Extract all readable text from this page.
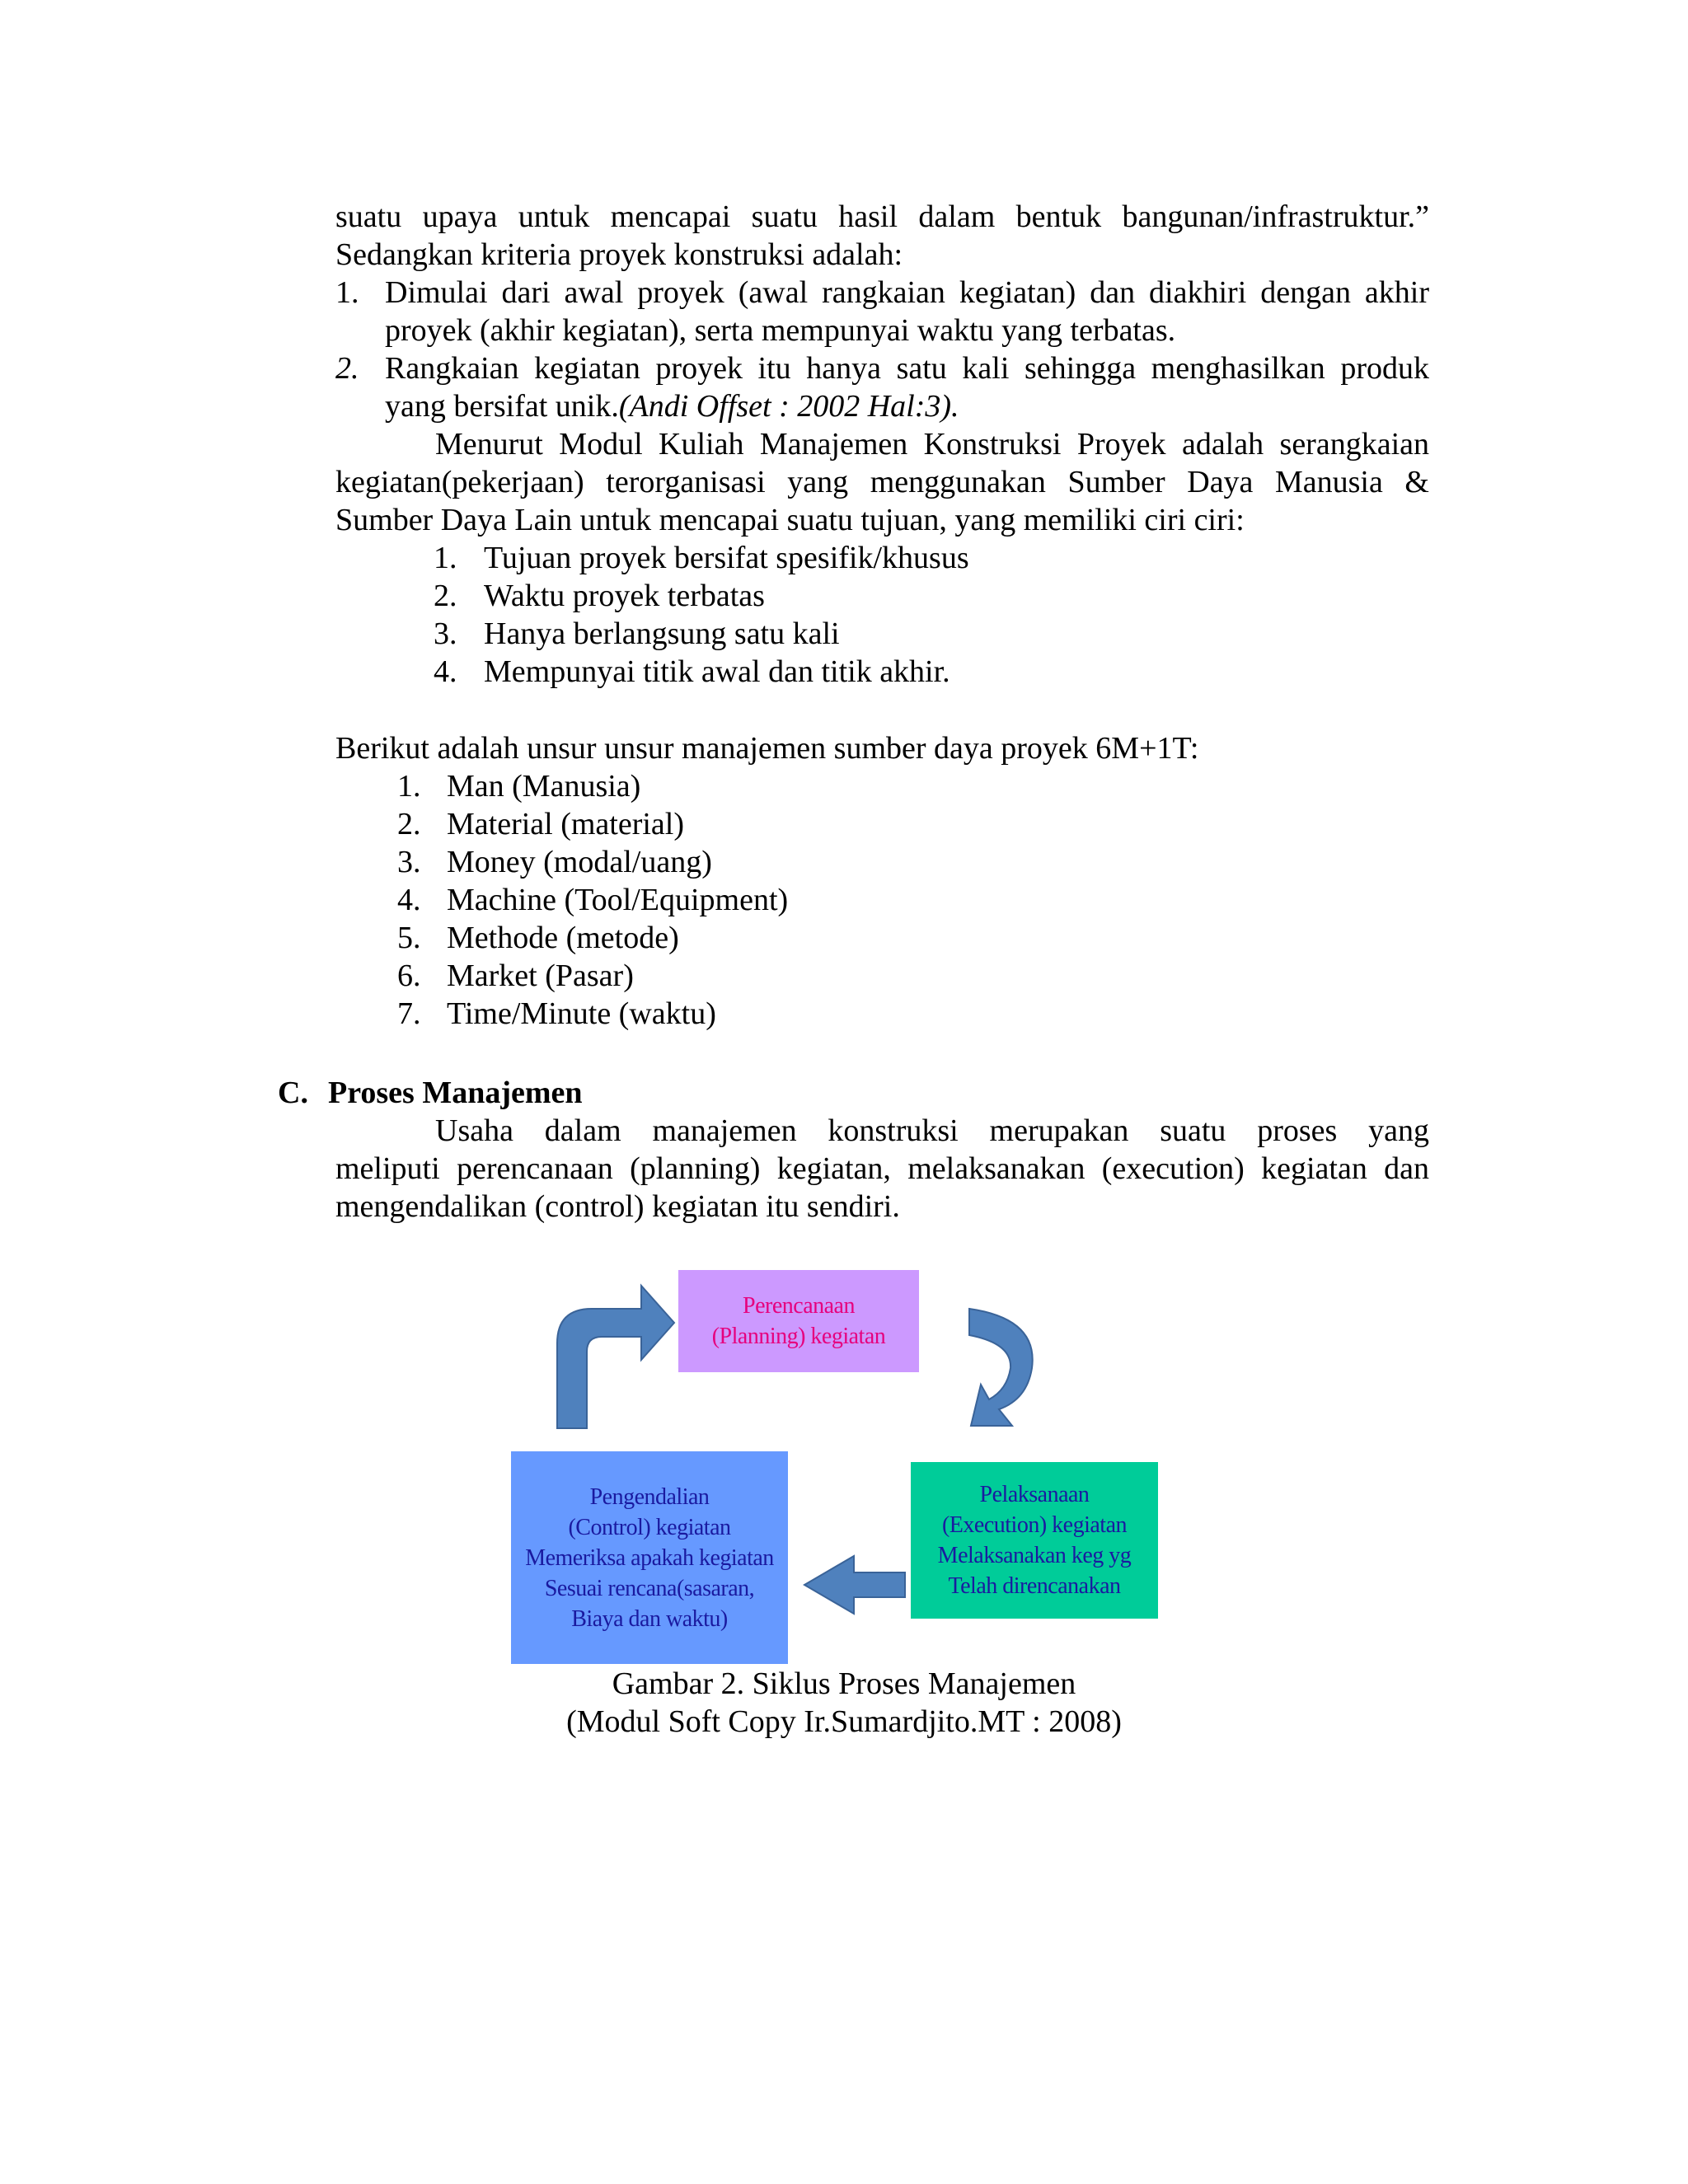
suatu upaya untuk mencapai suatu hasil dalam bentuk bangunan/infrastruktur.”
Sedangkan kriteria proyek konstruksi adalah:
1. Dimulai dari awal proyek (awal rangkaian kegiatan) dan diakhiri dengan akhir
proyek (akhir kegiatan), serta mempunyai waktu yang terbatas.
2. Rangkaian kegiatan proyek itu hanya satu kali sehingga menghasilkan produk
yang bersifat unik.(Andi Offset : 2002 Hal:3).
Menurut Modul Kuliah Manajemen Konstruksi Proyek adalah serangkaian
kegiatan(pekerjaan) terorganisasi yang menggunakan Sumber Daya Manusia &
Sumber Daya Lain untuk mencapai suatu tujuan, yang memiliki ciri ciri:
1. Tujuan proyek bersifat spesifik/khusus
2. Waktu proyek terbatas
3. Hanya berlangsung satu kali
4. Mempunyai titik awal dan titik akhir.
Berikut adalah unsur unsur manajemen sumber daya proyek 6M+1T:
1. Man (Manusia)
2. Material (material)
3. Money (modal/uang)
4. Machine (Tool/Equipment)
5. Methode (metode)
6. Market (Pasar)
7. Time/Minute (waktu)
C. Proses Manajemen
Usaha dalam manajemen konstruksi merupakan suatu proses yang
meliputi perencanaan (planning) kegiatan, melaksanakan (execution) kegiatan dan
mengendalikan (control) kegiatan itu sendiri.
Perencanaan
(Planning) kegiatan
Pelaksanaan
(Execution) kegiatan
Melaksanakan keg yg
Telah direncanakan
Pengendalian
(Control) kegiatan
Memeriksa apakah kegiatan
Sesuai rencana(sasaran,
Biaya dan waktu)
Gambar 2. Siklus Proses Manajemen
(Modul Soft Copy Ir.Sumardjito.MT : 2008)
